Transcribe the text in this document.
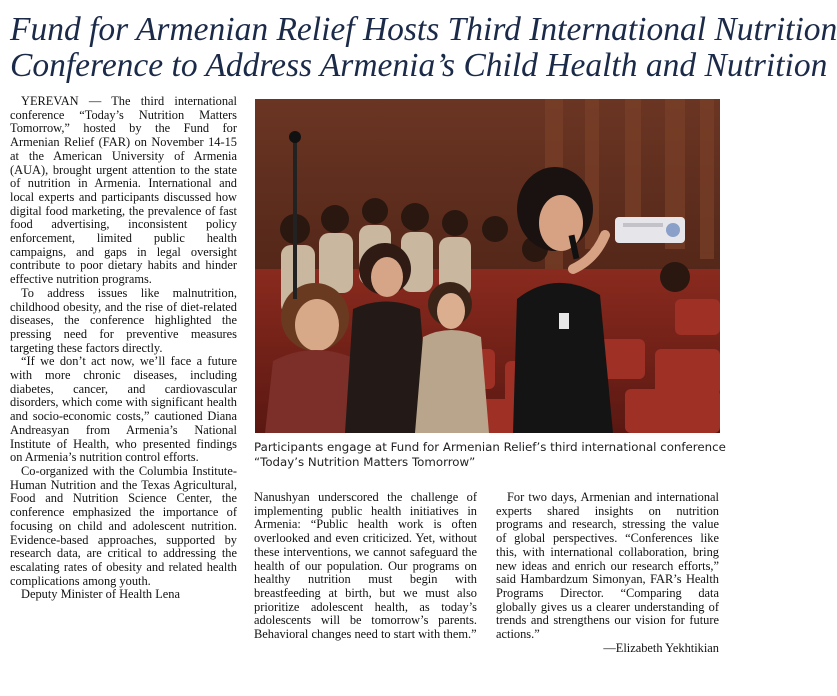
Fund for Armenian Relief Hosts Third International Nutrition
Conference to Address Armenia’s Child Health and Nutrition

YEREVAN — The third international conference “Today’s Nutrition Matters Tomorrow,” hosted by the Fund for Armenian Relief (FAR) on November 14-15 at the American University of Armenia (AUA), brought urgent attention to the state of nutrition in Armenia. International and local experts and participants discussed how digital food marketing, the prevalence of fast food advertising, inconsistent policy enforcement, limited public health campaigns, and gaps in legal oversight contribute to poor dietary habits and hinder effective nutrition programs.

To address issues like malnutrition, childhood obesity, and the rise of diet-related diseases, the conference highlighted the pressing need for preventive measures targeting these factors directly.

“If we don’t act now, we’ll face a future with more chronic diseases, including diabetes, cancer, and cardiovascular disorders, which come with significant health and socio-economic costs,” cautioned Diana Andreasyan from Armenia’s National Institute of Health, who presented findings on Armenia’s nutrition control efforts.

Co-organized with the Columbia Institute-Human Nutrition and the Texas Agricultural, Food and Nutrition Science Center, the conference emphasized the importance of focusing on child and adolescent nutrition. Evidence-based approaches, supported by research data, are critical to addressing the escalating rates of obesity and related health complications among youth.

Deputy Minister of Health Lena

Participants engage at Fund for Armenian Relief’s third international conference
“Today’s Nutrition Matters Tomorrow”

Nanushyan underscored the challenge of implementing public health initiatives in Armenia: “Public health work is often overlooked and even criticized. Yet, without these interventions, we cannot safeguard the health of our population. Our programs on healthy nutrition must begin with breastfeeding at birth, but we must also prioritize adolescent health, as today’s adolescents will be tomorrow’s parents. Behavioral changes need to start with them.”

For two days, Armenian and international experts shared insights on nutrition programs and research, stressing the value of global perspectives. “Conferences like this, with international collaboration, bring new ideas and enrich our research efforts,” said Hambardzum Simonyan, FAR’s Health Programs Director. “Comparing data globally gives us a clearer understanding of trends and strengthens our vision for future actions.”

—Elizabeth Yekhtikian
